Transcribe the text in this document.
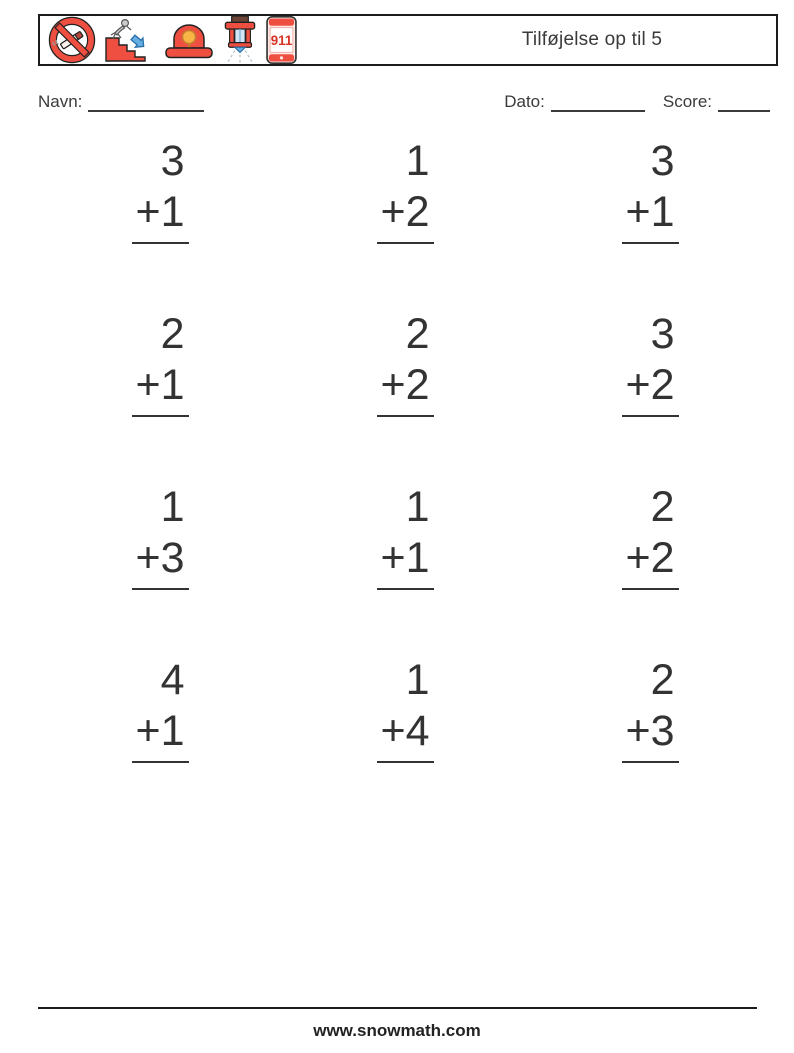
911	Tilføjelse op til 5
Navn:	Dato:	Score:
3
+1
1
+2
3
+1
2
+1
2
+2
3
+2
1
+3
1
+1
2
+2
4
+1
1
+4
2
+3
www.snowmath.com
